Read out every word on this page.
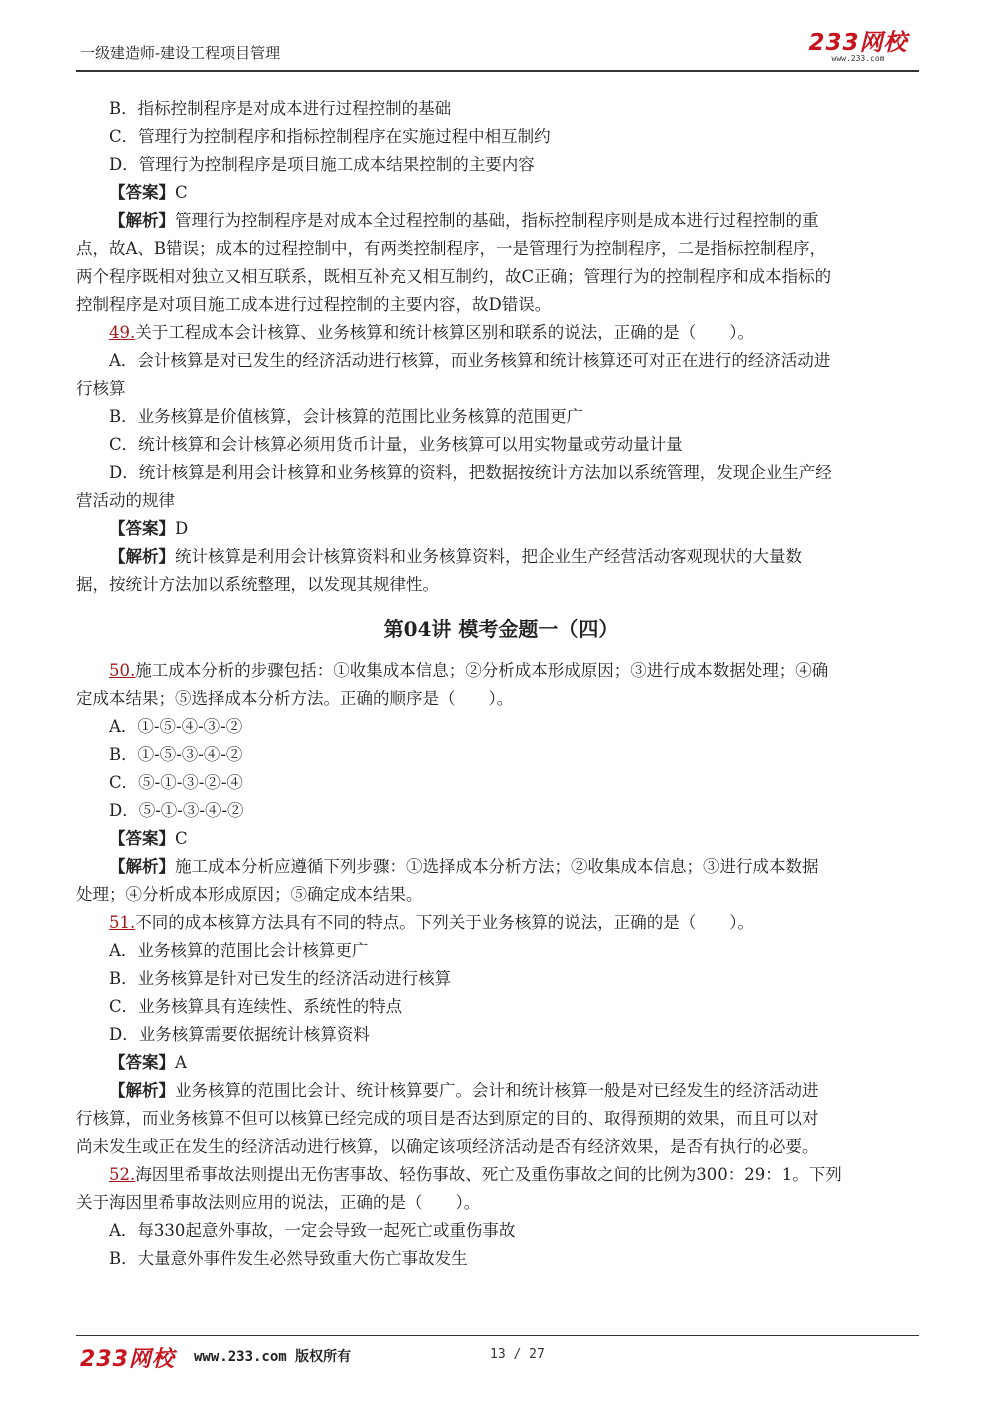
一级建造师-建设工程项目管理	233网校
www.233.com

B．指标控制程序是对成本进行过程控制的基础

C．管理行为控制程序和指标控制程序在实施过程中相互制约

D．管理行为控制程序是项目施工成本结果控制的主要内容

【答案】C

【解析】管理行为控制程序是对成本全过程控制的基础，指标控制程序则是成本进行过程控制的重

点，故A、B错误；成本的过程控制中，有两类控制程序，一是管理行为控制程序，二是指标控制程序，

两个程序既相对独立又相互联系，既相互补充又相互制约，故C正确；管理行为的控制程序和成本指标的

控制程序是对项目施工成本进行过程控制的主要内容，故D错误。

49.关于工程成本会计核算、业务核算和统计核算区别和联系的说法，正确的是（　　）。

A．会计核算是对已发生的经济活动进行核算，而业务核算和统计核算还可对正在进行的经济活动进

行核算

B．业务核算是价值核算，会计核算的范围比业务核算的范围更广

C．统计核算和会计核算必须用货币计量，业务核算可以用实物量或劳动量计量

D．统计核算是利用会计核算和业务核算的资料，把数据按统计方法加以系统管理，发现企业生产经

营活动的规律

【答案】D

【解析】统计核算是利用会计核算资料和业务核算资料，把企业生产经营活动客观现状的大量数

据，按统计方法加以系统整理，以发现其规律性。

第04讲 模考金题一（四）

50.施工成本分析的步骤包括：①收集成本信息；②分析成本形成原因；③进行成本数据处理；④确

定成本结果；⑤选择成本分析方法。正确的顺序是（　　）。

A．①-⑤-④-③-②

B．①-⑤-③-④-②

C．⑤-①-③-②-④

D．⑤-①-③-④-②

【答案】C

【解析】施工成本分析应遵循下列步骤：①选择成本分析方法；②收集成本信息；③进行成本数据

处理；④分析成本形成原因；⑤确定成本结果。

51.不同的成本核算方法具有不同的特点。下列关于业务核算的说法，正确的是（　　）。

A．业务核算的范围比会计核算更广

B．业务核算是针对已发生的经济活动进行核算

C．业务核算具有连续性、系统性的特点

D．业务核算需要依据统计核算资料

【答案】A

【解析】业务核算的范围比会计、统计核算要广。会计和统计核算一般是对已经发生的经济活动进

行核算，而业务核算不但可以核算已经完成的项目是否达到原定的目的、取得预期的效果，而且可以对

尚未发生或正在发生的经济活动进行核算，以确定该项经济活动是否有经济效果，是否有执行的必要。

52.海因里希事故法则提出无伤害事故、轻伤事故、死亡及重伤事故之间的比例为300：29：1。下列

关于海因里希事故法则应用的说法，正确的是（　　）。

A．每330起意外事故，一定会导致一起死亡或重伤事故

B．大量意外事件发生必然导致重大伤亡事故发生

233网校 www.233.com 版权所有	13 / 27
